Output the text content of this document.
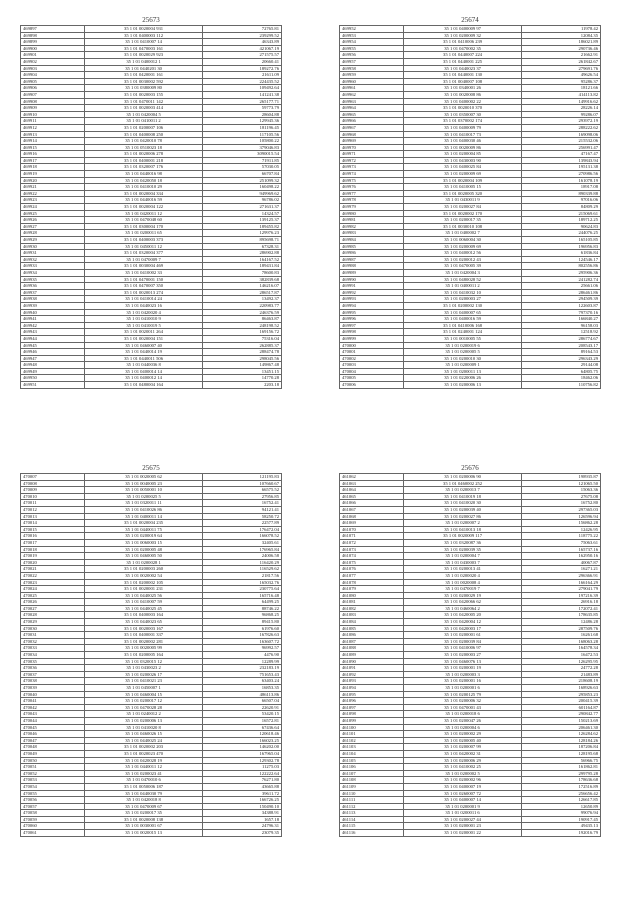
25673
469897	35 1 01 0020004 931	72765.81
469898	35 1 01 0400003 112	239299.52
469899	35 1 01 0410007 14	46343.89
469900	35 1 01 0470003 161	421067.19
469901	35 1 01 0020029 923	271575.57
469902	35 1 01 0400012 1	20660.41
469903	35 1 01 0440201 30	189272.76
469904	35 1 01 0420001 161	21611.09
469905	35 1 01 0030002 592	224435.52
469906	35 1 01 0380009 80	109492.64
469907	35 1 01 0020003 155	141241.38
469908	35 1 01 0470011 142	265177.71
469909	35 1 01 0020003 414	59773.79
469910	35 1 01 0420004 5	28604.88
469911	35 1 01 0410011 2	129945.36
469912	35 1 01 0200007 106	181196.45
469913	35 1 01 0400008 250	117105.56
469914	35 1 01 0420010 78	105800.22
469915	35 1 01 0510023 18	379046.83
469916	35 1 01 0020006 278	3090015.54
469917	35 1 01 0400001 218	71911.85
469918	35 1 01 0320007 176	57030.05
469919	35 1 01 0440016 98	66707.84
469920	35 1 01 0420050 18	251099.32
469921	35 1 01 0410010 29	160498.22
469922	35 1 01 0020004 334	949969.62
469923	35 1 01 0440016 59	96786.02
469924	35 1 01 0020004 122	271631.37
469925	35 1 01 0420011 12	14324.57
469926	35 1 01 0470048 60	139125.37
469927	35 1 01 0300004 170	189455.82
469928	35 1 01 0200011 65	129976.23
469929	35 1 01 0400003 373	895698.71
469930	35 1 01 0450011 12	67328.31
469931	35 1 01 0320004 377	286902.88
469932	35 1 01 0470009 7	164167.52
469933	35 1 01 0030004 469	189431.84
469934	35 1 01 0410002 33	78600.83
469935	35 1 01 0470001 150	382839.68
469936	35 1 01 0470007 350	146216.07
469937	35 1 01 0020013 274	286517.87
469938	35 1 01 0410014 24	13492.37
469939	35 1 01 0440023 16	220983.77
469940	35 1 01 0420020 4	246376.59
469941	35 1 01 0410010 9	86463.87
469942	35 1 01 0410019 5	248198.52
469943	35 1 01 0020011 264	169156.72
469944	35 1 01 0020004 151	75316.04
469945	35 1 01 0460007 40	262885.37
469946	35 1 01 0440014 19	288474.78
469947	35 1 01 0440011 506	298045.56
469948	35 1 01 0440036 8	149867.48
469949	35 1 01 0400014 14	13451.15
469950	35 1 01 0400012 14	14770.28
469951	35 1 01 0480004 164	2203.18
25674
469952	35 1 01 0400009 97	11978.42
469953	35 1 01 0200009 32	12084.35
469954	35 1 01 0410006 239	186021.89
469955	35 1 01 0470002 35	290736.46
469956	35 1 01 0440007 224	21662.91
469957	35 1 01 0440001 225	261842.67
469958	35 1 01 0440023 37	279691.76
469959	35 1 01 0440001 130	49626.54
469960	35 1 01 0040007 108	95286.37
469961	35 1 01 0340001 26	18121.66
469962	35 1 01 0020008 86	414113.82
469963	35 1 01 0400002 22	149916.62
469964	35 1 01 0020010 370	28226.14
469965	35 1 01 0350007 30	99286.07
469966	35 1 01 0370002 174	293972.19
469967	35 1 01 0400009 79	288222.62
469968	35 1 01 0410017 73	169098.06
469969	35 1 01 0400030 46	215532.06
469970	35 1 01 0020009 86	256991.47
469971	35 1 01 0200004 85	47167.47
469972	35 1 01 0430003 90	139843.94
469973	35 1 01 0400025 84	195131.38
469974	35 1 01 0200009 69	270986.56
469975	35 1 01 0020004 109	161078.19
469976	35 1 01 0410005 15	18917.08
469977	35 1 01 0020005 320	890339.88
469978	35 1 01 0430011 9	97016.06
469979	35 1 01 0200027 84	84809.29
469980	35 1 01 0020002 170	215069.61
469981	35 1 01 0200017 35	189712.25
469982	35 1 01 0030010 108	90624.83
469983	35 1 01 0400002 7	244076.25
469984	35 1 01 0060004 30	165105.85
469985	35 1 01 0200009 69	196956.83
469986	35 1 01 0400012 56	61836.84
469987	35 1 01 0200012 43	124546.17
469988	35 1 01 0470005 39	802556.86
469989	35 1 01 0420004 3	295906.36
469990	35 1 01 0480028 52	241282.74
469991	35 1 01 0400011 2	25661.06
469992	35 1 01 0410032 10	286461.86
469993	35 1 01 0200003 27	294509.39
469994	35 1 01 0200002 130	122603.87
469995	35 1 01 0400007 65	797370.16
469996	35 1 01 0400016 59	166840.27
469997	35 1 01 0410006 168	96158.03
469998	35 1 01 0240001 124	12518.92
469999	35 1 01 0010005 55	286774.67
470000	35 1 01 0200019 6	208543.17
470001	35 1 01 0200005 5	89164.53
470002	35 1 01 0200010 30	296343.29
470003	35 1 01 0200009 1	29144.08
470004	35 1 01 0200011 13	64805.75
470005	35 1 01 0220006 26	18462.06
470006	35 1 01 0200006 13	110756.82
25675
470007	35 1 01 0020005 62	121195.83
470008	35 1 01 0040005 23	107660.67
470009	35 1 01 0050001 10	66575.52
470010	35 1 01 0200025 5	27956.85
470011	35 1 01 0320011 11	16752.41
470012	35 1 01 0410026 86	94121.41
470013	35 1 01 0400011 14	58250.72
470014	35 1 01 0020004 235	22577.89
470015	35 1 01 0440011 75	176472.04
470016	35 1 01 0200019 64	166078.52
470017	35 1 01 0060003 15	32405.61
470018	35 1 01 0200005 48	176965.84
470019	35 1 01 0460005 50	24006.58
470020	35 1 01 0200028 1	116420.29
470021	35 1 01 0200003 260	116529.62
470022	35 1 01 0020002 54	21817.56
470023	35 1 01 0200002 105	165032.76
470024	35 1 01 0020001 231	230775.64
470025	35 1 01 0440025 56	165716.48
470026	35 1 01 0410007 59	64499.25
470027	35 1 01 0440025 45	88746.22
470028	35 1 01 0400003 164	96868.25
470029	35 1 01 0440023 65	89415.80
470030	35 1 01 0020003 167	61976.60
470031	35 1 01 0400001 337	167826.63
470032	35 1 01 0020002 281	163607.72
470033	35 1 01 0020005 99	96992.57
470034	35 1 01 0200005 164	4476.90
470035	35 1 01 0320015 12	12289.99
470036	35 1 01 0430023 2	232183.19
470037	35 1 01 0200026 17	751653.43
470038	35 1 01 0410021 23	63403.24
470039	35 1 01 0450007 1	16853.35
470040	35 1 01 0460004 15	486113.86
470041	35 1 01 0200017 12	66507.04
470042	35 1 01 0470028 28	22620.91
470043	35 1 01 0240012 2	53420.15
470044	35 1 01 0200006 13	16572.81
470045	35 1 01 0410020 8	67436.64
470046	35 1 01 0460026 15	120618.46
470047	35 1 01 0440025 24	166023.25
470048	35 1 01 0020002 203	146202.00
470049	35 1 01 0020023 470	167965.04
470050	35 1 01 0420028 19	129302.78
470051	35 1 01 0440011 12	11275.03
470052	35 1 01 0200023 41	122222.64
470053	35 1 01 0470010 6	76271.80
470054	35 1 01 0050006 187	43665.88
470055	35 1 01 0440030 79	39611.72
470056	35 1 01 0420018 8	166726.25
470057	35 1 01 0470009 67	150490.10
470058	35 1 01 0200017 35	34388.91
470059	35 1 01 0020008 138	1657.18
470060	35 1 01 0030001 67	24796.31
470061	35 1 01 0020015 13	23079.35
25676
461062	35 1 01 0200006 90	198935.87
461063	35 1 01 0460002 252	121065.50
461064	35 1 01 0200013 7	15063.36
461065	35 1 01 0410019 18	27675.08
461066	35 1 01 0410020 30	16752.80
461067	35 1 01 0200039 40	297365.03
461068	35 1 01 0200027 86	126596.94
461069	35 1 01 0200007 2	156862.28
461070	35 1 01 0410013 18	12426.95
461071	35 1 01 0020009 117	118775.22
461072	35 1 01 0320087 36	75063.61
461073	35 1 01 0200039 35	165737.16
461074	35 1 01 0200004 7	162950.16
461075	35 1 01 0430003 7	40067.87
461076	35 1 01 0200013 41	16271.21
461077	35 1 01 0200020 4	296366.91
461078	35 1 01 0020008 4	166164.29
461079	35 1 01 0470019 7	279041.79
461080	35 1 01 0200029 19	197216.39
461081	35 1 01 0420066 62	26916.18
461082	35 1 01 0460064 2	172072.41
461083	35 1 01 0420005 20	178635.85
461084	35 1 01 0420004 12	12486.28
461085	35 1 01 0420003 17	287509.76
461086	35 1 01 0200001 61	16261.68
461087	35 1 01 0200039 84	168063.28
461088	35 1 01 0410006 97	164578.34
461089	35 1 01 0200003 27	16472.53
461090	35 1 01 0460076 13	126295.95
461091	35 1 01 0200001 19	24772.28
461092	35 1 01 0200003 3	21483.89
461093	35 1 01 0200001 16	218608.19
461094	35 1 01 0200001 6	168926.63
461095	35 1 01 0200125 79	295853.23
461096	35 1 01 0200006 32	200415.39
461097	35 1 01 0470001 43	601164.87
461098	35 1 01 0200018 6	290842.77
461099	35 1 01 0200047 26	150213.69
461100	35 1 01 0200004 6	206461.30
461101	35 1 01 0200002 29	126284.62
461102	35 1 01 0200005 40	128184.26
461103	35 1 01 0200007 99	187206.84
461104	35 1 01 0420002 31	128195.68
461105	35 1 01 0200006 29	56966.75
461106	35 1 01 0410002 25	161862.81
461107	35 1 01 0200002 5	299795.28
461108	35 1 01 0200002 96	178636.68
461109	35 1 01 0400007 19	172516.89
461110	35 1 01 0260007 72	256656.42
461111	35 1 01 0400007 14	126617.85
461112	35 1 01 0200001 9	12650.89
461113	35 1 01 0200011 6	99076.94
461114	35 1 01 0200027 44	190917.45
461115	35 1 01 0200001 23	49435.13
461116	35 1 01 0200001 22	192016.79
